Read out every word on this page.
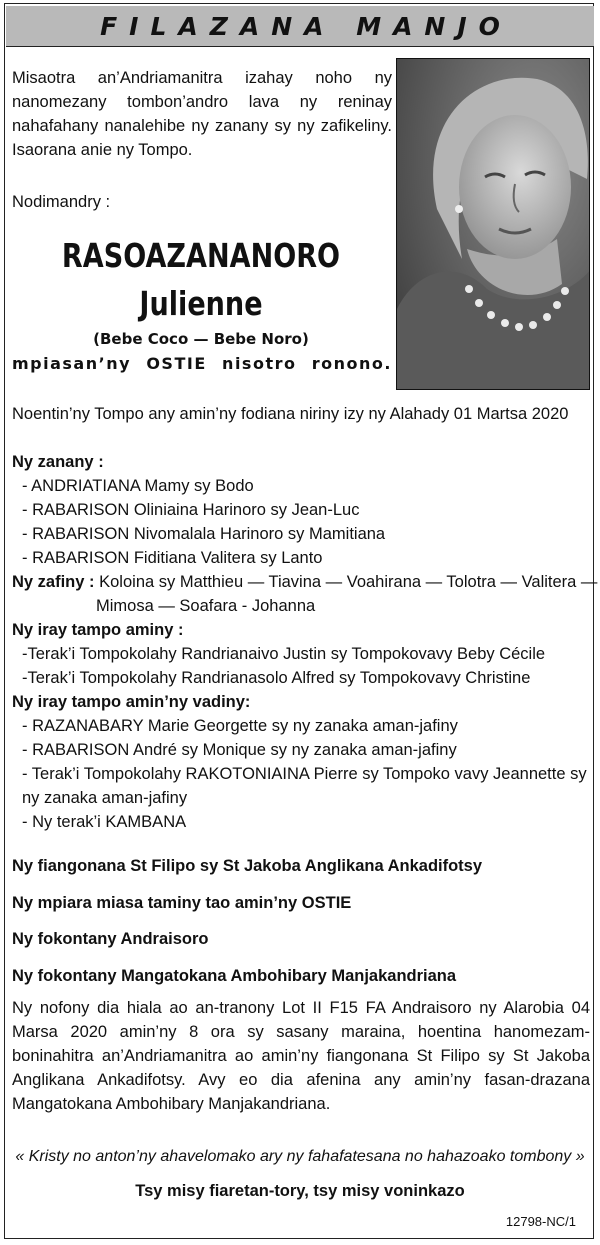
FILAZANA MANJO
Misaotra an’Andriamanitra izahay noho ny nanomezany tombon’andro lava ny reninay nahafahany nanalehibe ny zanany sy ny zafikeliny. Isaorana anie ny Tompo.
Nodimandry :
RASOAZANANORO
Julienne
(Bebe Coco — Bebe Noro)
mpiasan’ny OSTIE nisotro ronono.
Noentin’ny Tompo any amin’ny fodiana niriny izy ny Alahady 01 Martsa 2020
Ny zanany :
- ANDRIATIANA Mamy sy Bodo
- RABARISON Oliniaina Harinoro sy Jean-Luc
- RABARISON Nivomalala Harinoro sy Mamitiana
- RABARISON Fiditiana Valitera sy Lanto
Ny zafiny : Koloina sy Matthieu — Tiavina — Voahirana — Tolotra — Valitera —
Mimosa — Soafara - Johanna
Ny iray tampo aminy :
-Terak’i Tompokolahy Randrianaivo Justin sy Tompokovavy Beby Cécile
-Terak’i Tompokolahy Randrianasolo Alfred sy Tompokovavy Christine
Ny iray tampo amin’ny vadiny:
- RAZANABARY Marie Georgette sy ny zanaka aman-jafiny
- RABARISON André sy Monique sy ny zanaka aman-jafiny
- Terak’i Tompokolahy RAKOTONIAINA Pierre sy Tompoko vavy Jeannette sy ny zanaka aman-jafiny
- Ny terak’i KAMBANA
Ny fiangonana St Filipo sy St Jakoba Anglikana Ankadifotsy
Ny mpiara miasa taminy tao amin’ny OSTIE
Ny fokontany Andraisoro
Ny fokontany Mangatokana Ambohibary Manjakandriana
Ny nofony dia hiala ao an-tranony Lot II F15 FA Andraisoro ny Alarobia 04 Marsa 2020 amin’ny 8 ora sy sasany maraina, hoentina hanomezam-boninahitra an’Andriamanitra ao amin’ny fiangonana St Filipo sy St Jakoba Anglikana Ankadifotsy. Avy eo dia afenina any amin’ny fasan-drazana Mangatokana Ambohibary Manjakandriana.
« Kristy no anton’ny ahavelomako ary ny fahafatesana no hahazoako tombony »
Tsy misy fiaretan-tory, tsy misy voninkazo
12798-NC/1
